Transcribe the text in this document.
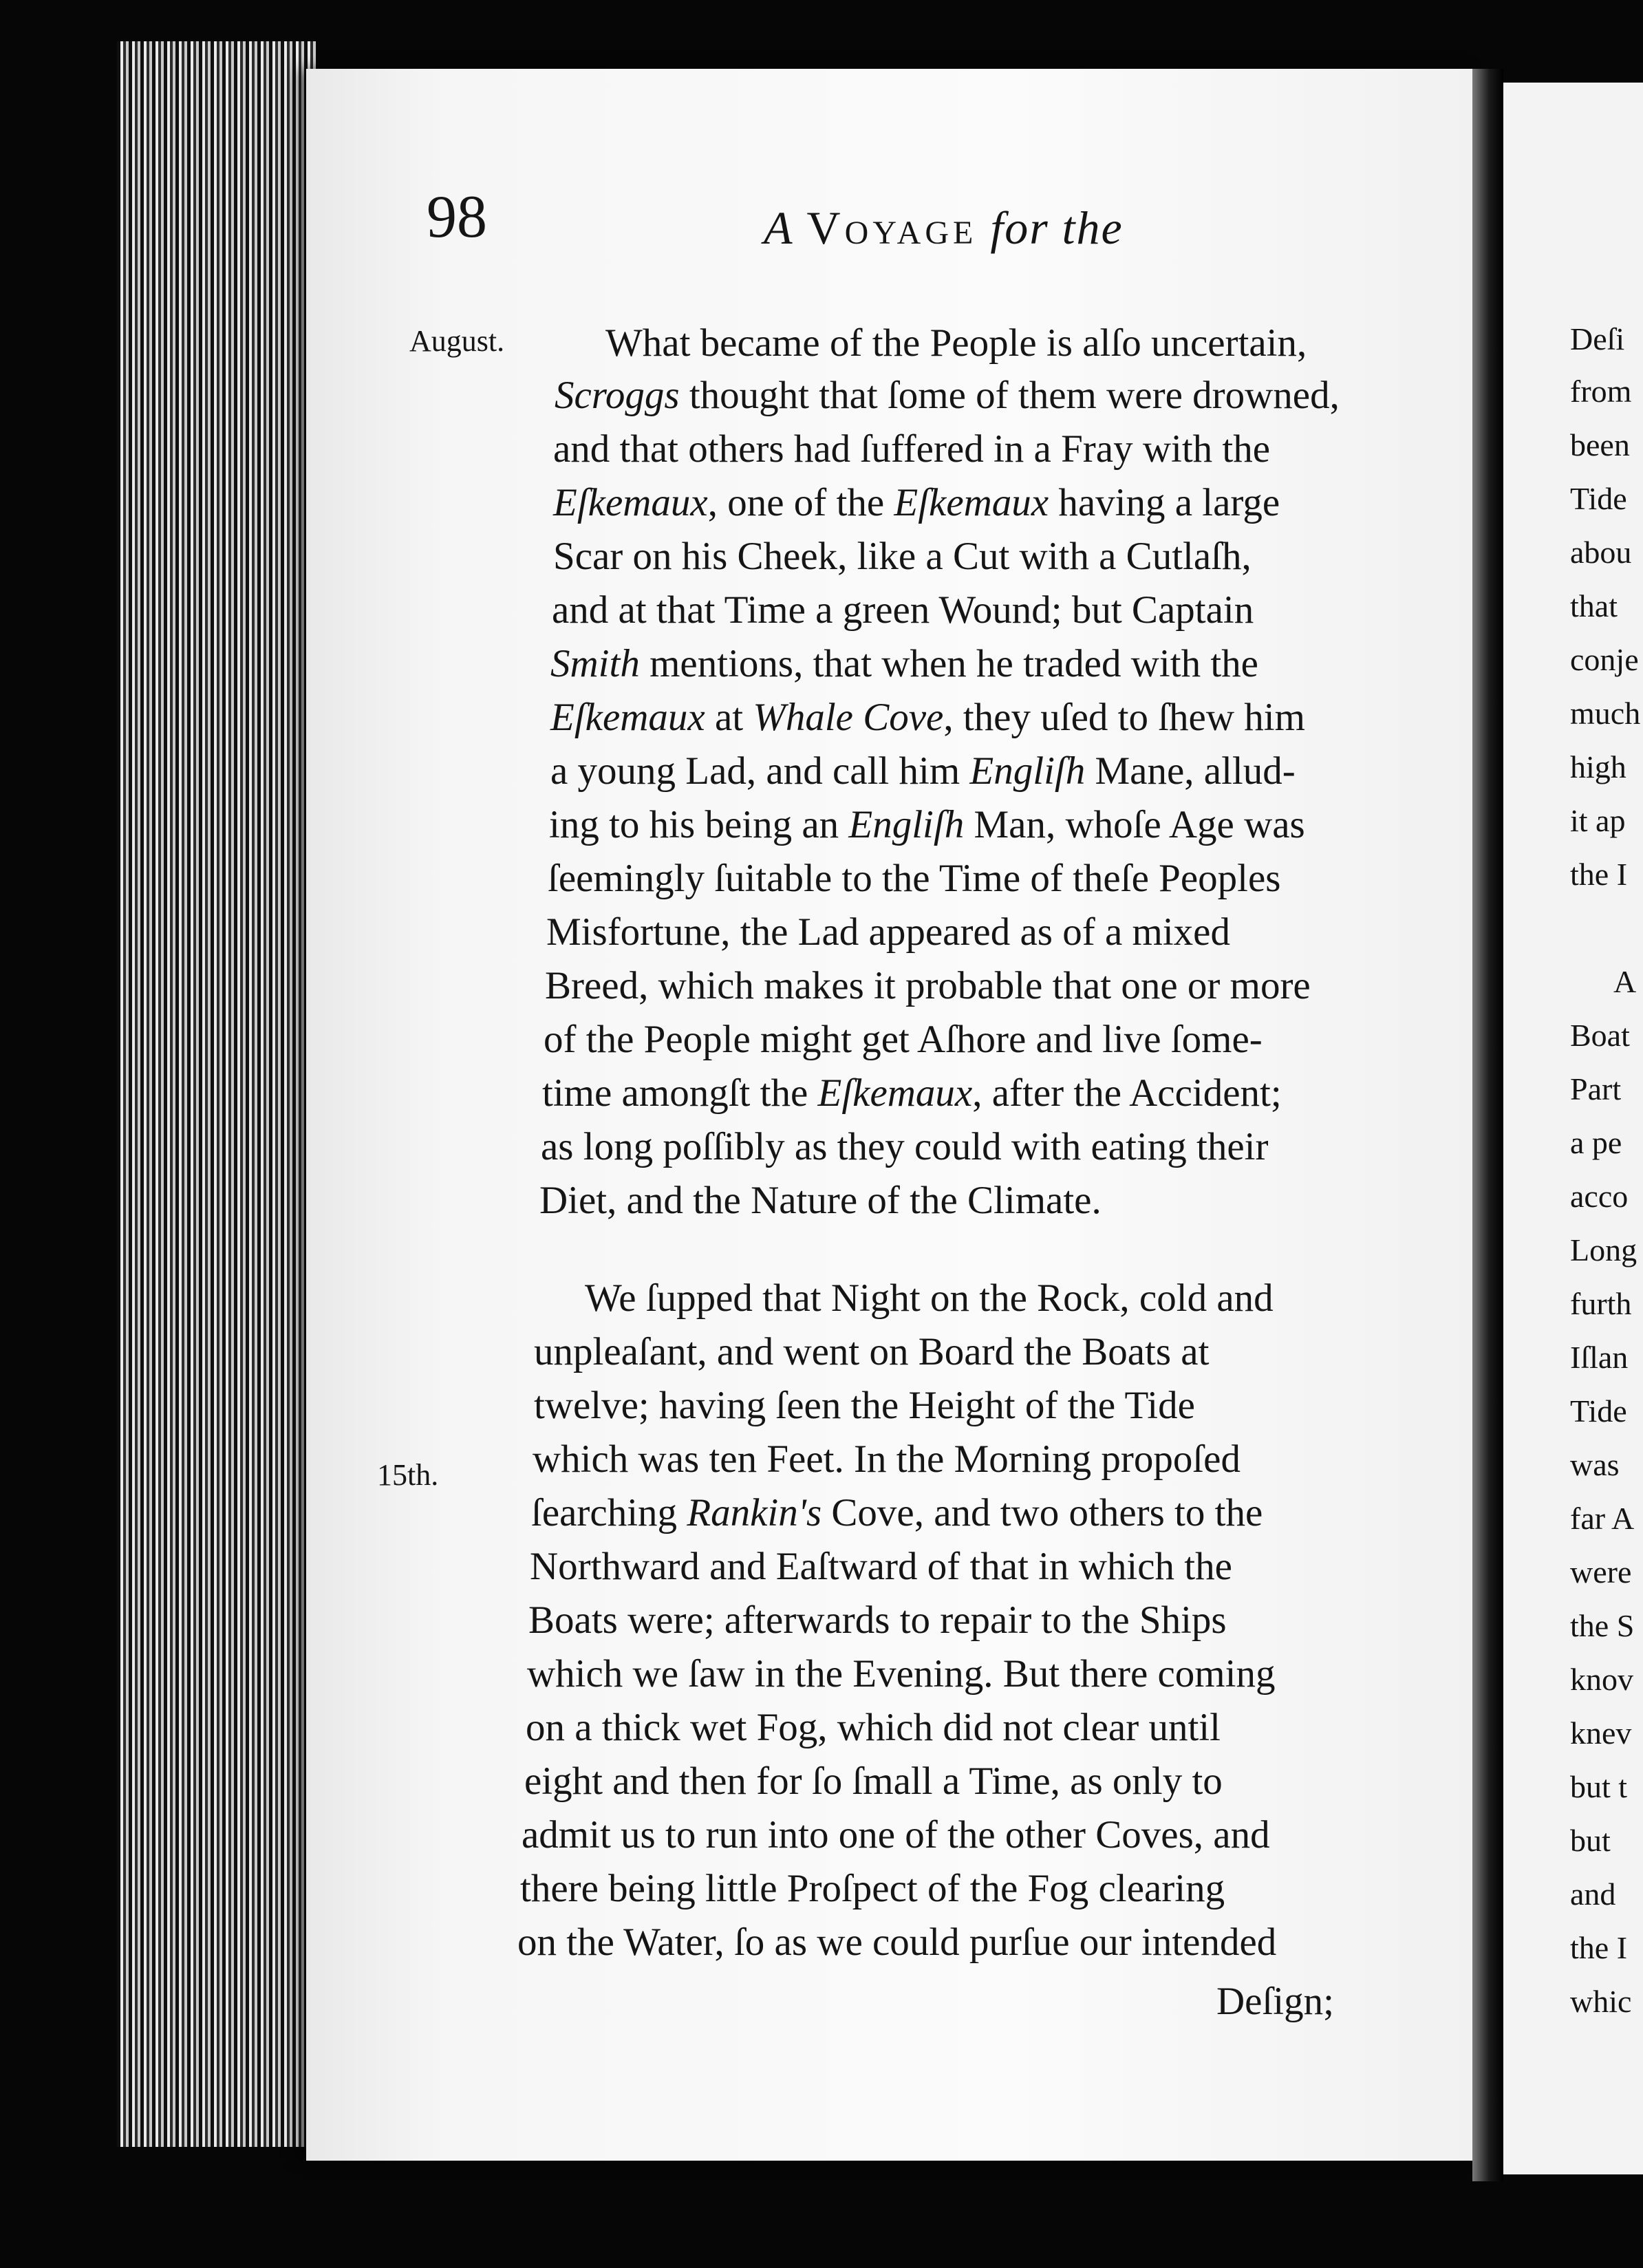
98	A Voyage for the
August.
15th.
What became of the People is alſo uncertain,
Scroggs thought that ſome of them were drowned,
and that others had ſuffered in a Fray with the
Eſkemaux, one of the Eſkemaux having a large
Scar on his Cheek, like a Cut with a Cutlaſh,
and at that Time a green Wound; but Captain
Smith mentions, that when he traded with the
Eſkemaux at Whale Cove, they uſed to ſhew him
a young Lad, and call him Engliſh Mane, allud-
ing to his being an Engliſh Man, whoſe Age was
ſeemingly ſuitable to the Time of theſe Peoples
Misfortune, the Lad appeared as of a mixed
Breed, which makes it probable that one or more
of the People might get Aſhore and live ſome-
time amongſt the Eſkemaux, after the Accident;
as long poſſibly as they could with eating their
Diet, and the Nature of the Climate.
We ſupped that Night on the Rock, cold and
unpleaſant, and went on Board the Boats at
twelve; having ſeen the Height of the Tide
which was ten Feet. In the Morning propoſed
ſearching Rankin's Cove, and two others to the
Northward and Eaſtward of that in which the
Boats were; afterwards to repair to the Ships
which we ſaw in the Evening. But there coming
on a thick wet Fog, which did not clear until
eight and then for ſo ſmall a Time, as only to
admit us to run into one of the other Coves, and
there being little Proſpect of the Fog clearing
on the Water, ſo as we could purſue our intended
Deſign;
Deſi
from
been
Tide
abou
that
conje
much
high
it ap
the I
A
Boat
Part
a pe
acco
Long
furth
Iſlan
Tide
was
far A
were
the S
knov
knev
but t
but
and
the I
whic
